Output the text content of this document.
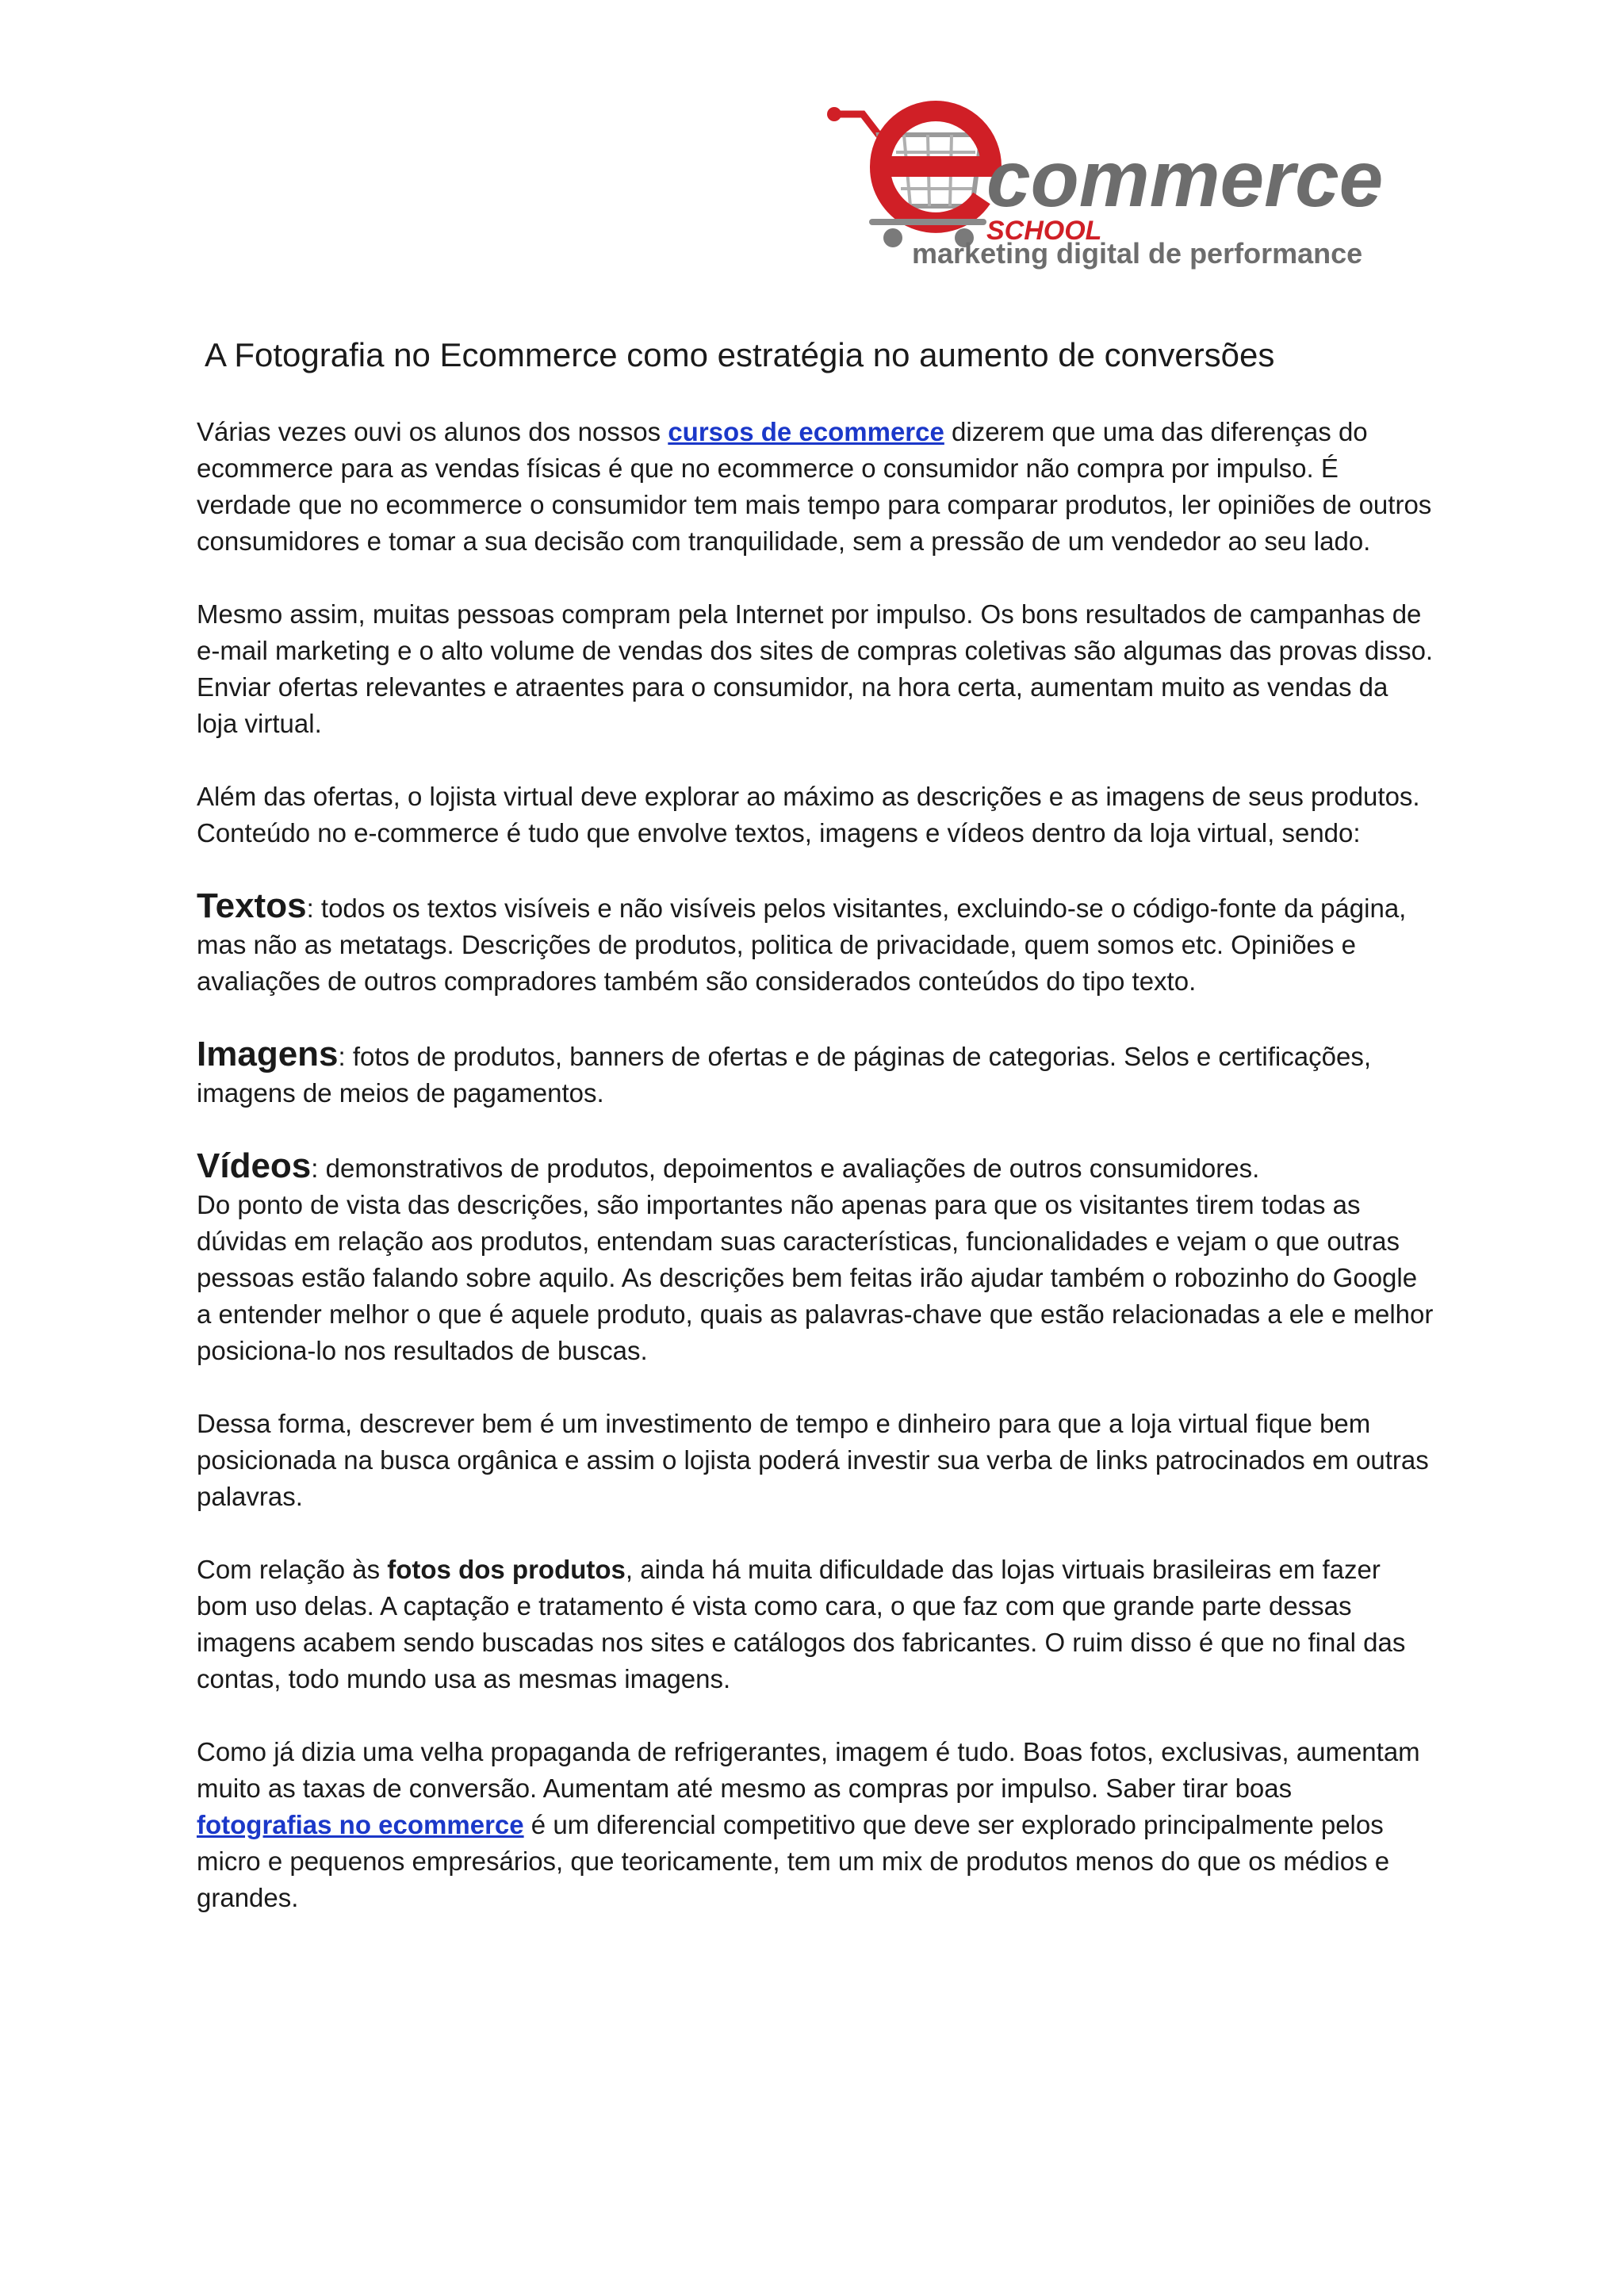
commerce
SCHOOL
marketing digital de performance
A Fotografia no Ecommerce como estratégia no aumento de conversões

Várias vezes ouvi os alunos dos nossos cursos de ecommerce dizerem que uma das diferenças do ecommerce para as vendas físicas é que no ecommerce o consumidor não compra por impulso. É verdade que no ecommerce o consumidor tem mais tempo para comparar produtos, ler opiniões de outros consumidores e tomar a sua decisão com tranquilidade, sem a pressão de um vendedor ao seu lado.

Mesmo assim, muitas pessoas compram pela Internet por impulso. Os bons resultados de campanhas de e-mail marketing e o alto volume de vendas dos sites de compras coletivas são algumas das provas disso. Enviar ofertas relevantes e atraentes para o consumidor, na hora certa, aumentam muito as vendas da loja virtual.

Além das ofertas, o lojista virtual deve explorar ao máximo as descrições e as imagens de seus produtos. Conteúdo no e-commerce é tudo que envolve textos, imagens e vídeos dentro da loja virtual, sendo:

Textos: todos os textos visíveis e não visíveis pelos visitantes, excluindo-se o código-fonte da página, mas não as metatags. Descrições de produtos, politica de privacidade, quem somos etc. Opiniões e avaliações de outros compradores também são considerados conteúdos do tipo texto.

Imagens: fotos de produtos, banners de ofertas e de páginas de categorias. Selos e certificações, imagens de meios de pagamentos.

Vídeos: demonstrativos de produtos, depoimentos e avaliações de outros consumidores.

Do ponto de vista das descrições, são importantes não apenas para que os visitantes tirem todas as dúvidas em relação aos produtos, entendam suas características, funcionalidades e vejam o que outras pessoas estão falando sobre aquilo. As descrições bem feitas irão ajudar também o robozinho do Google a entender melhor o que é aquele produto, quais as palavras-chave que estão relacionadas a ele e melhor posiciona-lo nos resultados de buscas.

Dessa forma, descrever bem é um investimento de tempo e dinheiro para que a loja virtual fique bem posicionada na busca orgânica e assim o lojista poderá investir sua verba de links patrocinados em outras palavras.

Com relação às fotos dos produtos, ainda há muita dificuldade das lojas virtuais brasileiras em fazer bom uso delas. A captação e tratamento é vista como cara, o que faz com que grande parte dessas imagens acabem sendo buscadas nos sites e catálogos dos fabricantes. O ruim disso é que no final das contas, todo mundo usa as mesmas imagens.

Como já dizia uma velha propaganda de refrigerantes, imagem é tudo. Boas fotos, exclusivas, aumentam muito as taxas de conversão. Aumentam até mesmo as compras por impulso. Saber tirar boas fotografias no ecommerce é um diferencial competitivo que deve ser explorado principalmente pelos micro e pequenos empresários, que teoricamente, tem um mix de produtos menos do que os médios e grandes.
